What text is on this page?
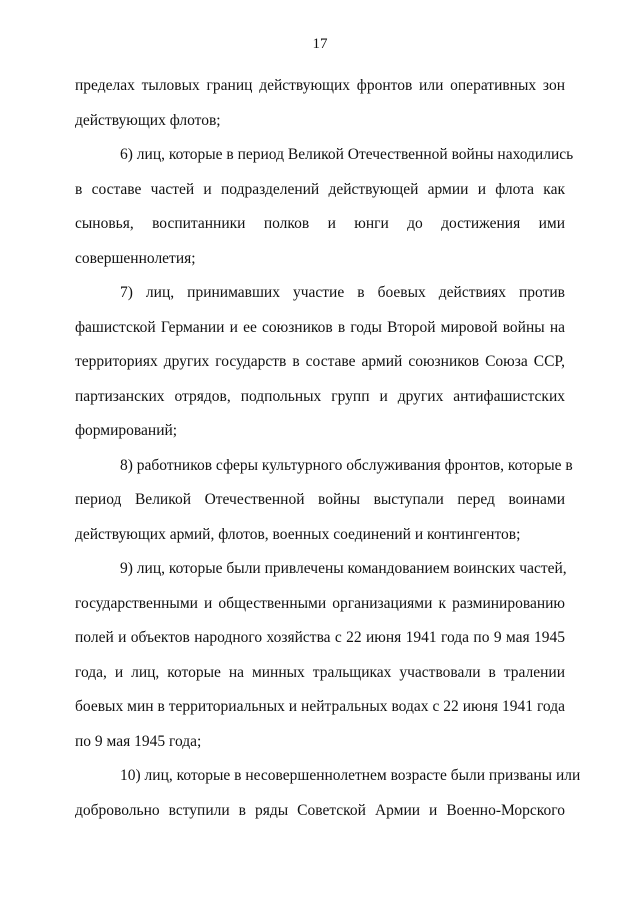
17
пределах тыловых границ действующих фронтов или оперативных зон
действующих флотов;
6) лиц, которые в период Великой Отечественной войны находились
в составе частей и подразделений действующей армии и флота как
сыновья, воспитанники полков и юнги до достижения ими
совершеннолетия;
7) лиц, принимавших участие в боевых действиях против
фашистской Германии и ее союзников в годы Второй мировой войны на
территориях других государств в составе армий союзников Союза ССР,
партизанских отрядов, подпольных групп и других антифашистских
формирований;
8) работников сферы культурного обслуживания фронтов, которые в
период Великой Отечественной войны выступали перед воинами
действующих армий, флотов, военных соединений и контингентов;
9) лиц, которые были привлечены командованием воинских частей,
государственными и общественными организациями к разминированию
полей и объектов народного хозяйства с 22 июня 1941 года по 9 мая 1945
года, и лиц, которые на минных тральщиках участвовали в тралении
боевых мин в территориальных и нейтральных водах с 22 июня 1941 года
по 9 мая 1945 года;
10) лиц, которые в несовершеннолетнем возрасте были призваны или
добровольно вступили в ряды Советской Армии и Военно-Морского
